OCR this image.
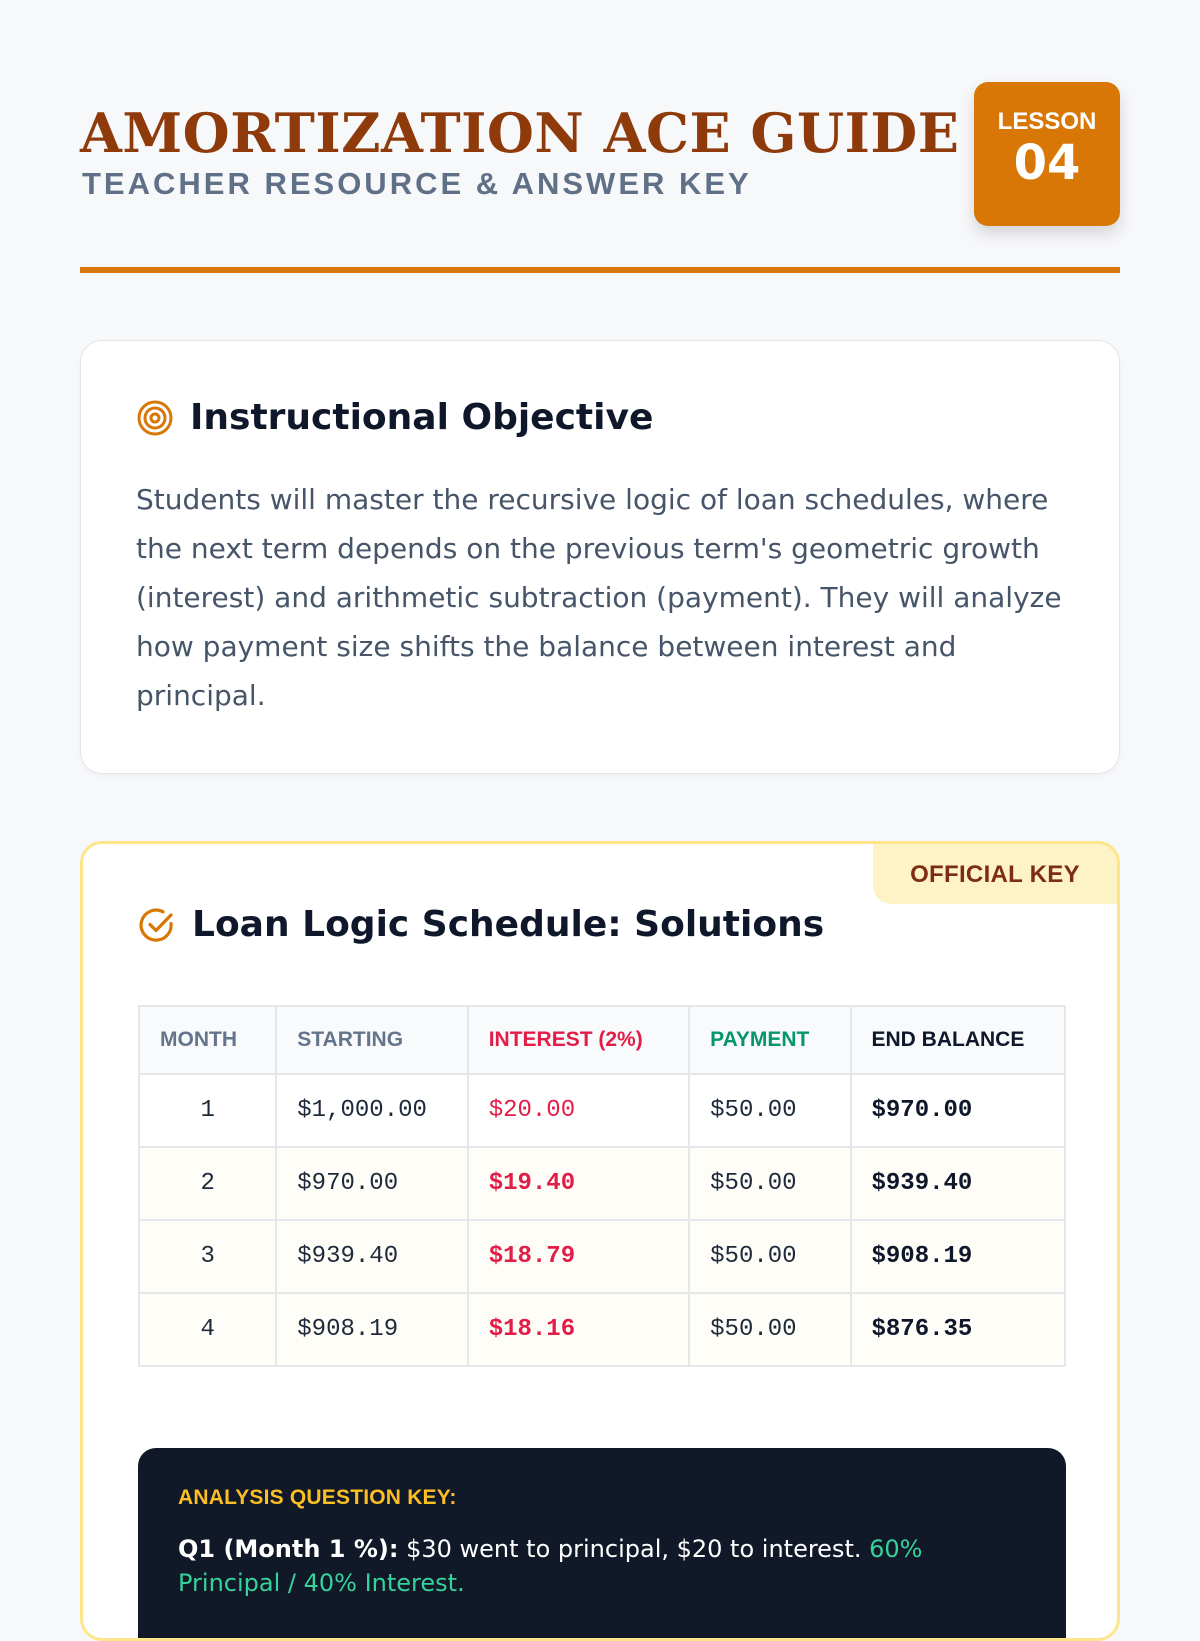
AMORTIZATION ACE GUIDE

TEACHER RESOURCE & ANSWER KEY

LESSON
04
Instructional Objective

Students will master the recursive logic of loan schedules, where the next term depends on the previous term's geometric growth (interest) and arithmetic subtraction (payment). They will analyze how payment size shifts the balance between interest and principal.

OFFICIAL KEY
Loan Logic Schedule: Solutions
MONTH	STARTING	INTEREST (2%)	PAYMENT	END BALANCE
1	$1,000.00	$20.00	$50.00	$970.00
2	$970.00	$19.40	$50.00	$939.40
3	$939.40	$18.79	$50.00	$908.19
4	$908.19	$18.16	$50.00	$876.35

ANALYSIS QUESTION KEY:

Q1 (Month 1 %): $30 went to principal, $20 to interest. 60% Principal / 40% Interest.
